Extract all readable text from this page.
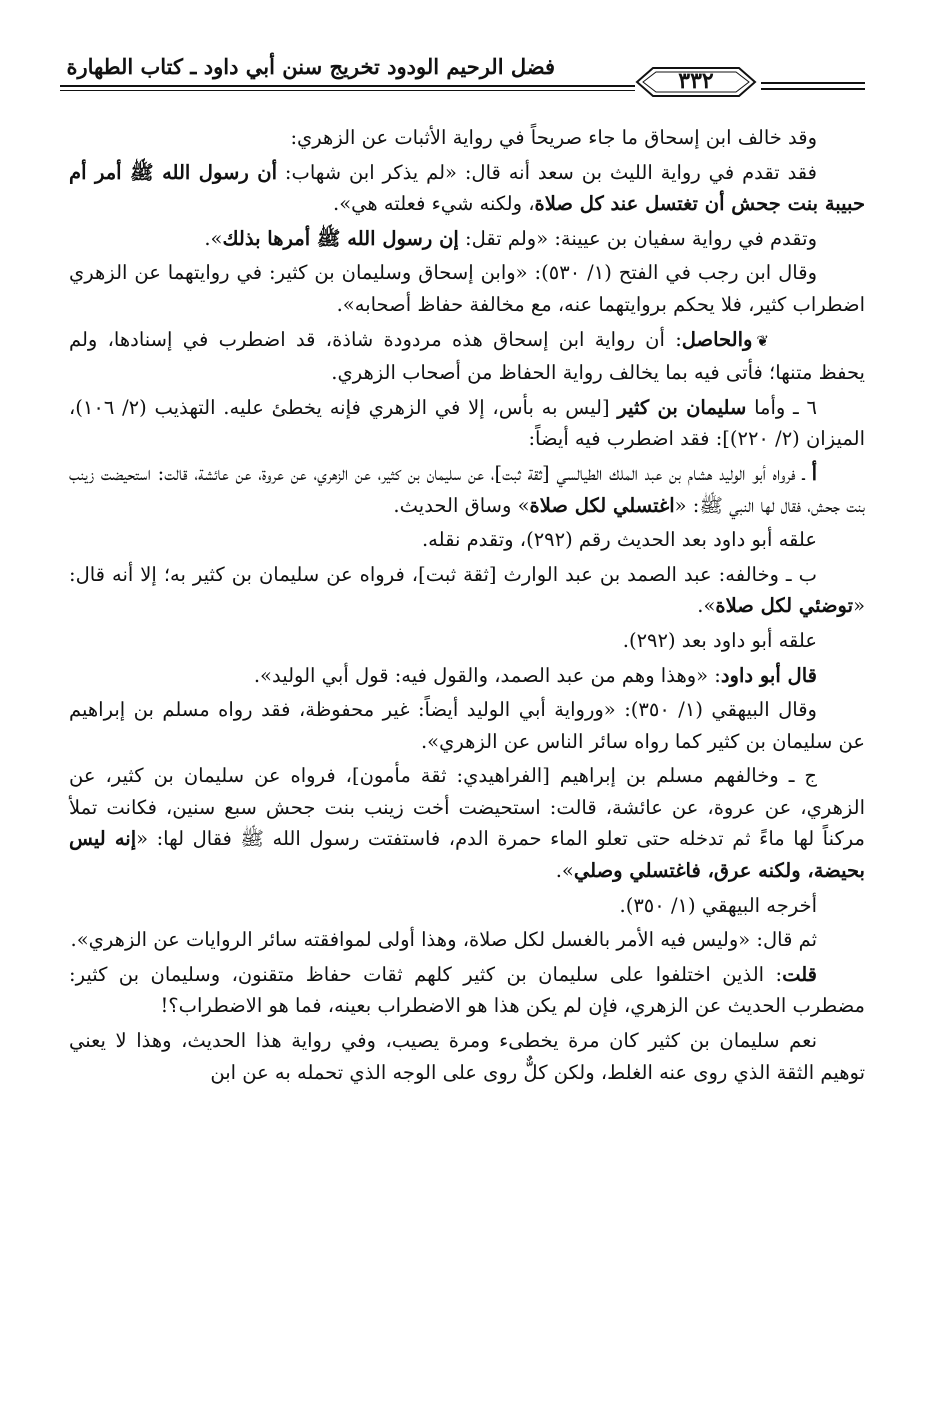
فضل الرحيم الودود تخريج سنن أبي داود ـ كتاب الطهارة
٣٣٢

وقد خالف ابن إسحاق ما جاء صريحاً في رواية الأثبات عن الزهري:

فقد تقدم في رواية الليث بن سعد أنه قال: «لم يذكر ابن شهاب: أن رسول الله ﷺ أمر أم حبيبة بنت جحش أن تغتسل عند كل صلاة، ولكنه شيء فعلته هي».

وتقدم في رواية سفيان بن عيينة: «ولم تقل: إن رسول الله ﷺ أمرها بذلك».

وقال ابن رجب في الفتح (١/ ٥٣٠): «وابن إسحاق وسليمان بن كثير: في روايتهما عن الزهري اضطراب كثير، فلا يحكم بروايتهما عنه، مع مخالفة حفاظ أصحابه».

❦والحاصل: أن رواية ابن إسحاق هذه مردودة شاذة، قد اضطرب في إسنادها، ولم يحفظ متنها؛ فأتى فيه بما يخالف رواية الحفاظ من أصحاب الزهري.

٦ ـ وأما سليمان بن كثير [ليس به بأس، إلا في الزهري فإنه يخطئ عليه. التهذيب (٢/ ١٠٦)، الميزان (٢/ ٢٢٠)]: فقد اضطرب فيه أيضاً:

أ ـ فرواه أبو الوليد هشام بن عبد الملك الطيالسي [ثقة ثبت]، عن سليمان بن كثير، عن الزهري، عن عروة، عن عائشة، قالت: استحيضت زينب بنت جحش، فقال لها النبي ﷺ: «اغتسلي لكل صلاة» وساق الحديث.

علقه أبو داود بعد الحديث رقم (٢٩٢)، وتقدم نقله.

ب ـ وخالفه: عبد الصمد بن عبد الوارث [ثقة ثبت]، فرواه عن سليمان بن كثير به؛ إلا أنه قال: «توضئي لكل صلاة».

علقه أبو داود بعد (٢٩٢).

قال أبو داود: «وهذا وهم من عبد الصمد، والقول فيه: قول أبي الوليد».

وقال البيهقي (١/ ٣٥٠): «ورواية أبي الوليد أيضاً: غير محفوظة، فقد رواه مسلم بن إبراهيم عن سليمان بن كثير كما رواه سائر الناس عن الزهري».

ج ـ وخالفهم مسلم بن إبراهيم [الفراهيدي: ثقة مأمون]، فرواه عن سليمان بن كثير، عن الزهري، عن عروة، عن عائشة، قالت: استحيضت أخت زينب بنت جحش سبع سنين، فكانت تملأ مركناً لها ماءً ثم تدخله حتى تعلو الماء حمرة الدم، فاستفتت رسول الله ﷺ فقال لها: «إنه ليس بحيضة، ولكنه عرق، فاغتسلي وصلي».

أخرجه البيهقي (١/ ٣٥٠).

ثم قال: «وليس فيه الأمر بالغسل لكل صلاة، وهذا أولى لموافقته سائر الروايات عن الزهري».

قلت: الذين اختلفوا على سليمان بن كثير كلهم ثقات حفاظ متقنون، وسليمان بن كثير: مضطرب الحديث عن الزهري، فإن لم يكن هذا هو الاضطراب بعينه، فما هو الاضطراب؟!

نعم سليمان بن كثير كان مرة يخطىء ومرة يصيب، وفي رواية هذا الحديث، وهذا لا يعني توهيم الثقة الذي روى عنه الغلط، ولكن كلٌّ روى على الوجه الذي تحمله به عن ابن
